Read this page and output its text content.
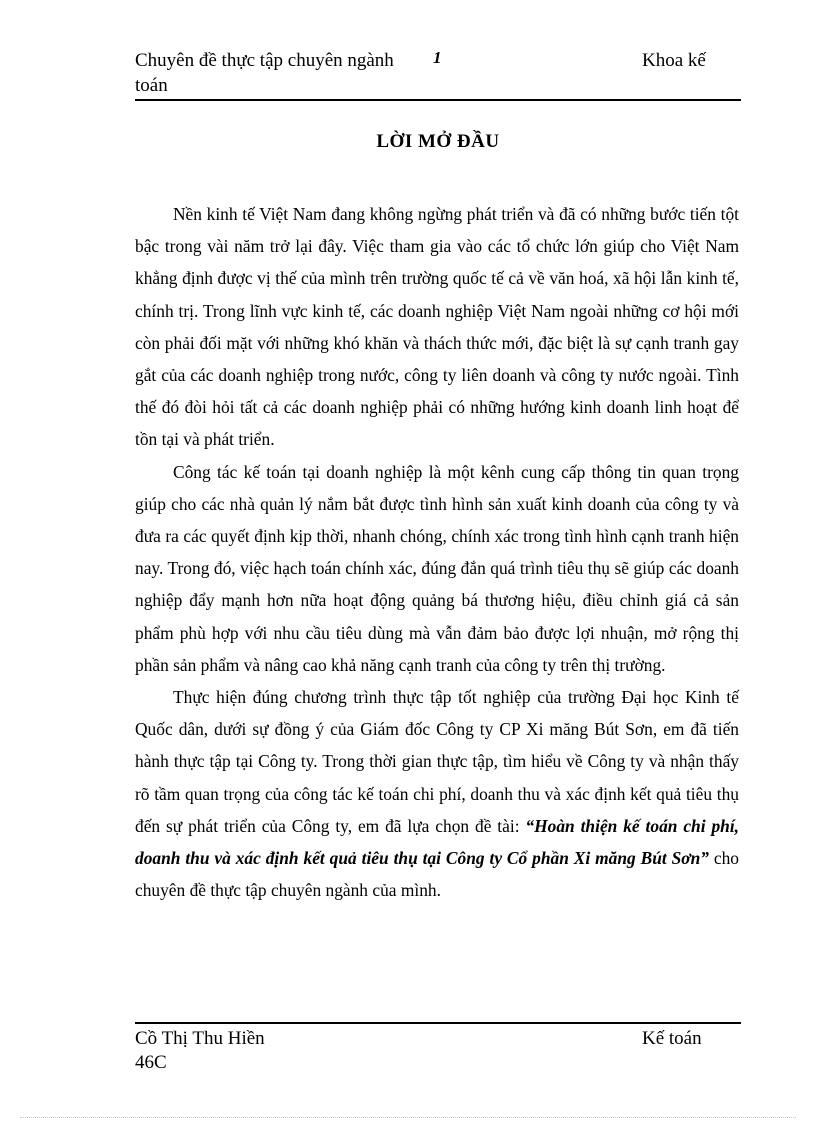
Chuyên đề thực tập chuyên ngành
toán
1	Khoa kế
LỜI MỞ ĐẦU

Nền kinh tế Việt Nam đang không ngừng phát triển và đã có những bước tiến tột bậc trong vài năm trở lại đây. Việc tham gia vào các tổ chức lớn giúp cho Việt Nam khẳng định được vị thế của mình trên trường quốc tế cả về văn hoá, xã hội lẫn kinh tế, chính trị. Trong lĩnh vực kinh tế, các doanh nghiệp Việt Nam ngoài những cơ hội mới còn phải đối mặt với những khó khăn và thách thức mới, đặc biệt là sự cạnh tranh gay gắt của các doanh nghiệp trong nước, công ty liên doanh và công ty nước ngoài. Tình thế đó đòi hỏi tất cả các doanh nghiệp phải có những hướng kinh doanh linh hoạt để tồn tại và phát triển.

Công tác kế toán tại doanh nghiệp là một kênh cung cấp thông tin quan trọng giúp cho các nhà quản lý nắm bắt được tình hình sản xuất kinh doanh của công ty và đưa ra các quyết định kịp thời, nhanh chóng, chính xác trong tình hình cạnh tranh hiện nay. Trong đó, việc hạch toán chính xác, đúng đắn quá trình tiêu thụ sẽ giúp các doanh nghiệp đẩy mạnh hơn nữa hoạt động quảng bá thương hiệu, điều chỉnh giá cả sản phẩm phù hợp với nhu cầu tiêu dùng mà vẫn đảm bảo được lợi nhuận, mở rộng thị phần sản phẩm và nâng cao khả năng cạnh tranh của công ty trên thị trường.

Thực hiện đúng chương trình thực tập tốt nghiệp của trường Đại học Kinh tế Quốc dân, dưới sự đồng ý của Giám đốc Công ty CP Xi măng Bút Sơn, em đã tiến hành thực tập tại Công ty. Trong thời gian thực tập, tìm hiểu về Công ty và nhận thấy rõ tầm quan trọng của công tác kế toán chi phí, doanh thu và xác định kết quả tiêu thụ đến sự phát triển của Công ty, em đã lựa chọn đề tài: “Hoàn thiện kế toán chi phí, doanh thu và xác định kết quả tiêu thụ tại Công ty Cổ phần Xi măng Bút Sơn” cho chuyên đề thực tập chuyên ngành của mình.

Cồ Thị Thu Hiền
46C
Kế toán
